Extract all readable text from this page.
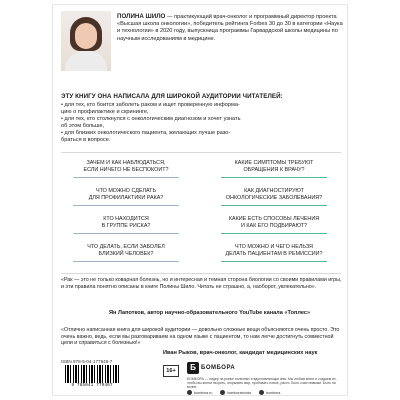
ПОЛИНА ШИЛО — практикующий врач-онколог и программный директор проекта «Высшая школа онкологии», победитель рейтинга Forbes 30 до 30 в категории «Наука и технологии» в 2020 году, выпускница программы Гарвардской школы медицины по научным исследованиям в медицине.
ЭТУ КНИГУ ОНА НАПИСАЛА ДЛЯ ШИРОКОЙ АУДИТОРИИ ЧИТАТЕЛЕЙ:
• для тех, кто боится заболеть раком и ищет проверенную информа-
цию о профилактике и скрининге,
• для тех, кто столкнулся с онкологическим диагнозом и хочет узнать
об этом больше,
• для близких онкологического пациента, желающих лучше разо-
браться в вопросе.
ЗАЧЕМ И КАК НАБЛЮДАТЬСЯ,
ЕСЛИ НИЧЕГО НЕ БЕСПОКОИТ?
ЧТО МОЖНО СДЕЛАТЬ
ДЛЯ ПРОФИЛАКТИКИ РАКА?
КТО НАХОДИТСЯ
В ГРУППЕ РИСКА?
ЧТО ДЕЛАТЬ, ЕСЛИ ЗАБОЛЕЛ
БЛИЗКИЙ ЧЕЛОВЕК?
КАКИЕ СИМПТОМЫ ТРЕБУЮТ
ОБРАЩЕНИЯ К ВРАЧУ?
КАК ДИАГНОСТИРУЮТ
ОНКОЛОГИЧЕСКИЕ ЗАБОЛЕВАНИЯ?
КАКИЕ ЕСТЬ СПОСОБЫ ЛЕЧЕНИЯ
И КАК ЕГО ПОДБИРАЮТ?
ЧТО МОЖНО И ЧЕГО НЕЛЬЗЯ
ДЕЛАТЬ ПАЦИЕНТАМ В РЕМИССИИ?
«Рак — это не только коварная болезнь, но и интересная и темная сторона биологии со своими правилами игры, и эти правила понятно описаны в книге Полины Шило. Читать не страшно, а, наоборот, увлекательно».
Ян Лапотков, автор научно-образовательного YouTube канала «Топлес»
«Отлично написанная книга для широкой аудитории — довольно сложные вещи объясняются очень просто. Это очень важно, ведь, если мы разговариваем на одном языке с пациентом, то нам легче достигнуть совместной цели и справиться с болезнью!»
Иван Рыков, врач-онколог, кандидат медицинских наук
ISBN 978-5-04-177946-7
9 785041 779467
16+	Б БОМБОРА
БОМБОРА — лидер на рынке полезных и вдохновляющих книг. Мы любим книги и создаем их, чтобы вы могли творить, открывать мир, пробовать новое, расти. Быть счастливыми. Быть на волне.
bombora.ru	bomborabooks	bombora
